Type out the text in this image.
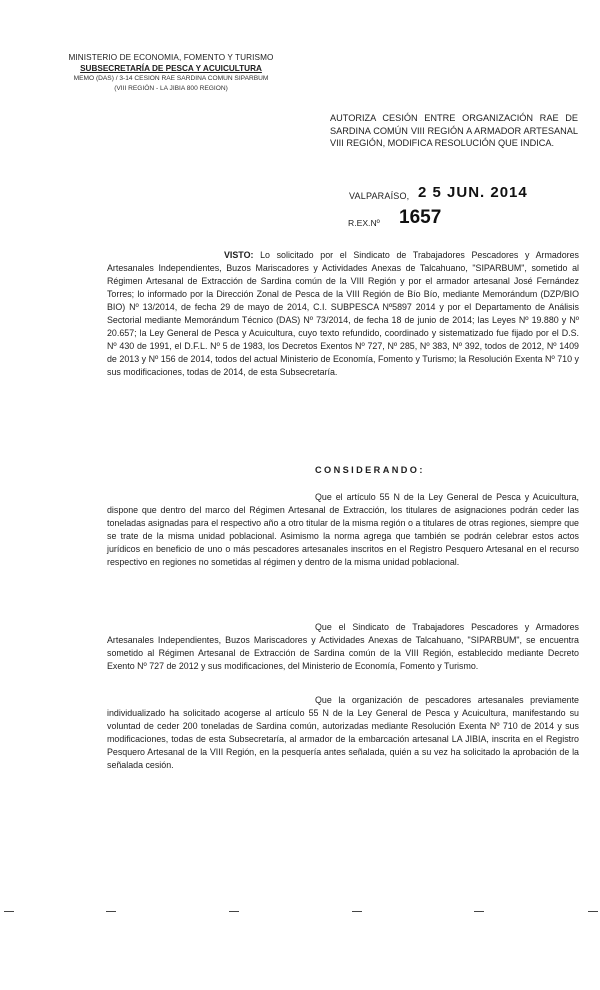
MINISTERIO DE ECONOMIA, FOMENTO Y TURISMO
SUBSECRETARÍA DE PESCA Y ACUICULTURA
MEMO (DAS) / 3-14 CESION RAE SARDINA COMUN SIPARBUM
(VIII REGIÓN - LA JIBIA 800 REGION)
AUTORIZA CESIÓN ENTRE ORGANIZACIÓN RAE DE SARDINA COMÚN VIII REGIÓN A ARMADOR ARTESANAL VIII REGIÓN, MODIFICA RESOLUCIÓN QUE INDICA.
VALPARAÍSO, 2 5 JUN. 2014
R.EX.Nº 1657
VISTO: Lo solicitado por el Sindicato de Trabajadores Pescadores y Armadores Artesanales Independientes, Buzos Mariscadores y Actividades Anexas de Talcahuano, "SIPARBUM", sometido al Régimen Artesanal de Extracción de Sardina común de la VIII Región y por el armador artesanal José Fernández Torres; lo informado por la Dirección Zonal de Pesca de la VIII Región de Bío Bío, mediante Memorándum (DZP/BIO BIO) Nº 13/2014, de fecha 29 de mayo de 2014, C.I. SUBPESCA Nº5897 2014 y por el Departamento de Análisis Sectorial mediante Memorándum Técnico (DAS) Nº 73/2014, de fecha 18 de junio de 2014; las Leyes Nº 19.880 y Nº 20.657; la Ley General de Pesca y Acuicultura, cuyo texto refundido, coordinado y sistematizado fue fijado por el D.S. Nº 430 de 1991, el D.F.L. Nº 5 de 1983, los Decretos Exentos Nº 727, Nº 285, Nº 383, Nº 392, todos de 2012, Nº 1409 de 2013 y Nº 156 de 2014, todos del actual Ministerio de Economía, Fomento y Turismo; la Resolución Exenta Nº 710 y sus modificaciones, todas de 2014, de esta Subsecretaría.
CONSIDERANDO:
Que el artículo 55 N de la Ley General de Pesca y Acuicultura, dispone que dentro del marco del Régimen Artesanal de Extracción, los titulares de asignaciones podrán ceder las toneladas asignadas para el respectivo año a otro titular de la misma región o a titulares de otras regiones, siempre que se trate de la misma unidad poblacional. Asimismo la norma agrega que también se podrán celebrar estos actos jurídicos en beneficio de uno o más pescadores artesanales inscritos en el Registro Pesquero Artesanal en el recurso respectivo en regiones no sometidas al régimen y dentro de la misma unidad poblacional.
Que el Sindicato de Trabajadores Pescadores y Armadores Artesanales Independientes, Buzos Mariscadores y Actividades Anexas de Talcahuano, "SIPARBUM", se encuentra sometido al Régimen Artesanal de Extracción de Sardina común de la VIII Región, establecido mediante Decreto Exento Nº 727 de 2012 y sus modificaciones, del Ministerio de Economía, Fomento y Turismo.
Que la organización de pescadores artesanales previamente individualizado ha solicitado acogerse al artículo 55 N de la Ley General de Pesca y Acuicultura, manifestando su voluntad de ceder 200 toneladas de Sardina común, autorizadas mediante Resolución Exenta Nº 710 de 2014 y sus modificaciones, todas de esta Subsecretaría, al armador de la embarcación artesanal LA JIBIA, inscrita en el Registro Pesquero Artesanal de la VIII Región, en la pesquería antes señalada, quién a su vez ha solicitado la aprobación de la señalada cesión.
